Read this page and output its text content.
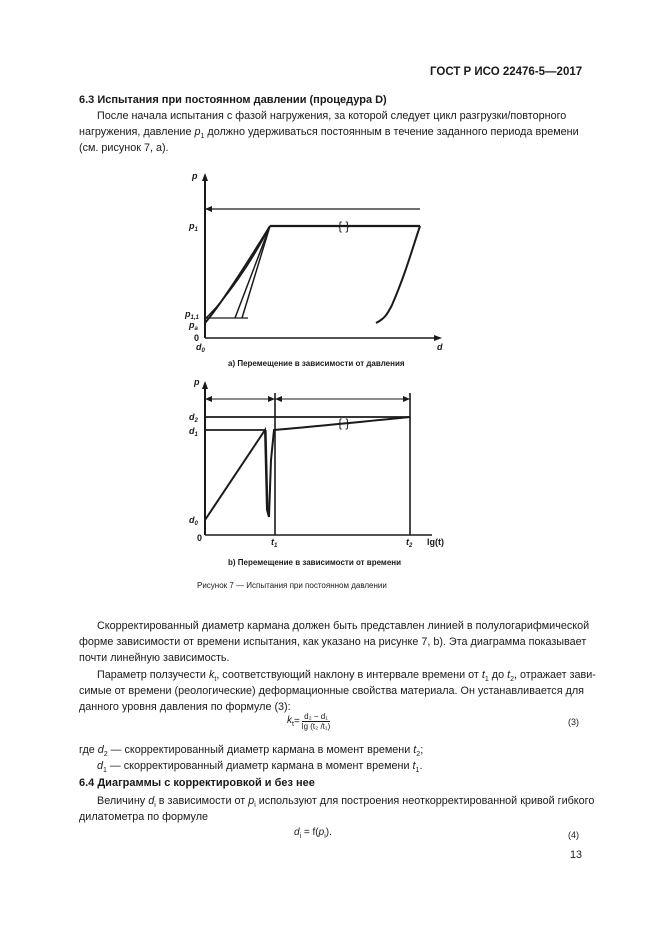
ГОСТ Р ИСО 22476-5—2017
6.3 Испытания при постоянном давлении (процедура D)
После начала испытания с фазой нагружения, за которой следует цикл разгрузки/повторного
нагружения, давление $p_1$ должно удерживаться постоянным в течение заданного периода времени
(см. рисунок 7, а).
{ }
p
$p_1$
$p_{1,1}$
$p_a$
0
$d_0$	d
а) Перемещение в зависимости от давления
{ }
p
$d_2$
$d_1$
$d_0$
0	$t_1$	$t_2$ lg(t)
b) Перемещение в зависимости от времени
Рисунок 7 — Испытания при постоянном давлении
Скорректированный диаметр кармана должен быть представлен линией в полулогарифмической
форме зависимости от времени испытания, как указано на рисунке 7, b). Эта диаграмма показывает
почти линейную зависимость.
Параметр ползучести $k_t$, соответствующий наклону в интервале времени от $t_1$ до $t_2$, отражает зави-
симые от времени (реологические) деформационные свойства материала. Он устанавливается для
данного уровня давления по формуле (3):
$k_t = \frac{\text{d₂ − d₁}}{\text{lg (t₂ /t₁)}}$	(3)
где $d_2$ — скорректированный диаметр кармана в момент времени $t_2$;
$d_1$ — скорректированный диаметр кармана в момент времени $t_1$.
6.4 Диаграммы с корректировкой и без нее
Величину $d_i$ в зависимости от $p_i$ используют для построения неоткорректированной кривой гибкого
дилатометра по формуле
$d_i = f(p_i)$.	(4)
13
